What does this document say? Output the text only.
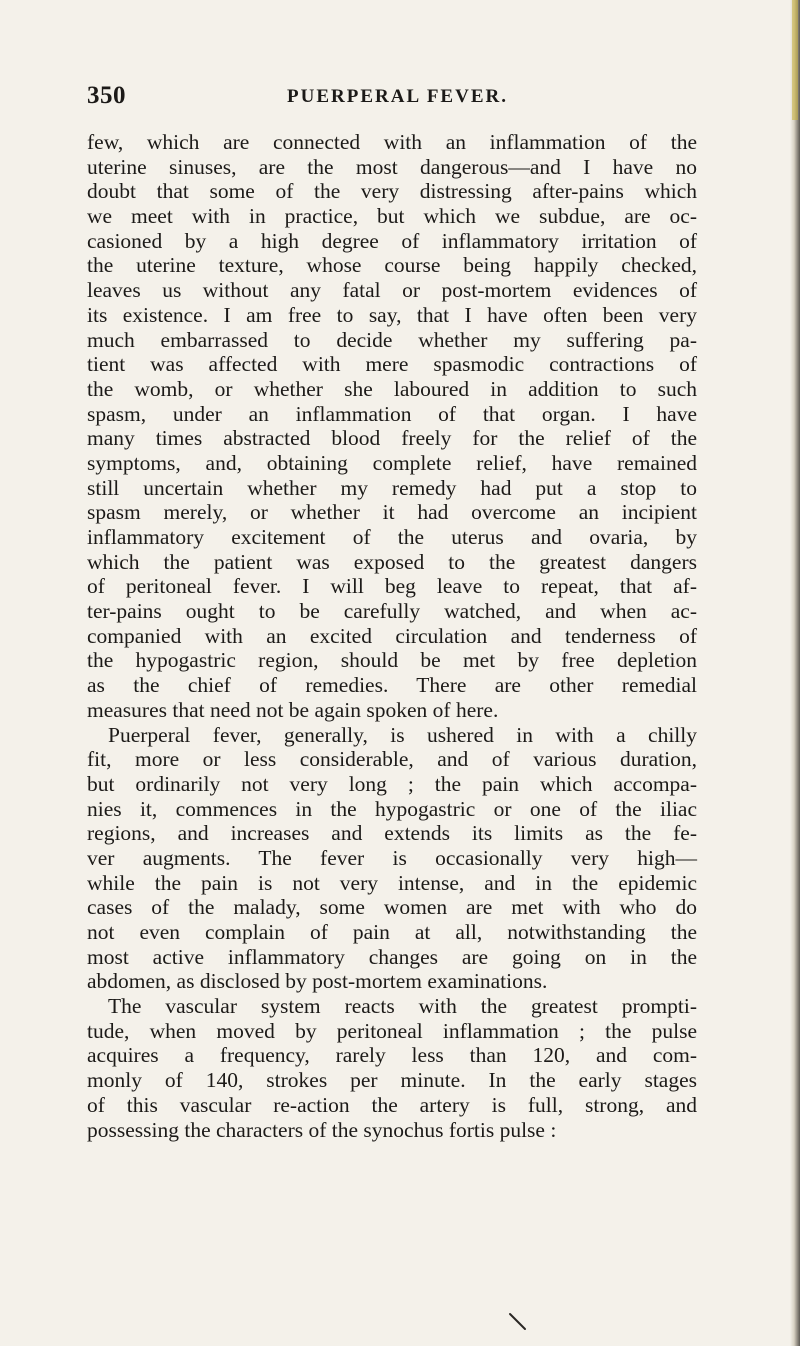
350	PUERPERAL FEVER.
few, which are connected with an inflammation of the
uterine sinuses, are the most dangerous—and I have no
doubt that some of the very distressing after-pains which
we meet with in practice, but which we subdue, are oc-
casioned by a high degree of inflammatory irritation of
the uterine texture, whose course being happily checked,
leaves us without any fatal or post-mortem evidences of
its existence. I am free to say, that I have often been very
much embarrassed to decide whether my suffering pa-
tient was affected with mere spasmodic contractions of
the womb, or whether she laboured in addition to such
spasm, under an inflammation of that organ. I have
many times abstracted blood freely for the relief of the
symptoms, and, obtaining complete relief, have remained
still uncertain whether my remedy had put a stop to
spasm merely, or whether it had overcome an incipient
inflammatory excitement of the uterus and ovaria, by
which the patient was exposed to the greatest dangers
of peritoneal fever. I will beg leave to repeat, that af-
ter-pains ought to be carefully watched, and when ac-
companied with an excited circulation and tenderness of
the hypogastric region, should be met by free depletion
as the chief of remedies. There are other remedial
measures that need not be again spoken of here.
Puerperal fever, generally, is ushered in with a chilly
fit, more or less considerable, and of various duration,
but ordinarily not very long ; the pain which accompa-
nies it, commences in the hypogastric or one of the iliac
regions, and increases and extends its limits as the fe-
ver augments. The fever is occasionally very high—
while the pain is not very intense, and in the epidemic
cases of the malady, some women are met with who do
not even complain of pain at all, notwithstanding the
most active inflammatory changes are going on in the
abdomen, as disclosed by post-mortem examinations.
The vascular system reacts with the greatest prompti-
tude, when moved by peritoneal inflammation ; the pulse
acquires a frequency, rarely less than 120, and com-
monly of 140, strokes per minute. In the early stages
of this vascular re-action the artery is full, strong, and
possessing the characters of the synochus fortis pulse :
